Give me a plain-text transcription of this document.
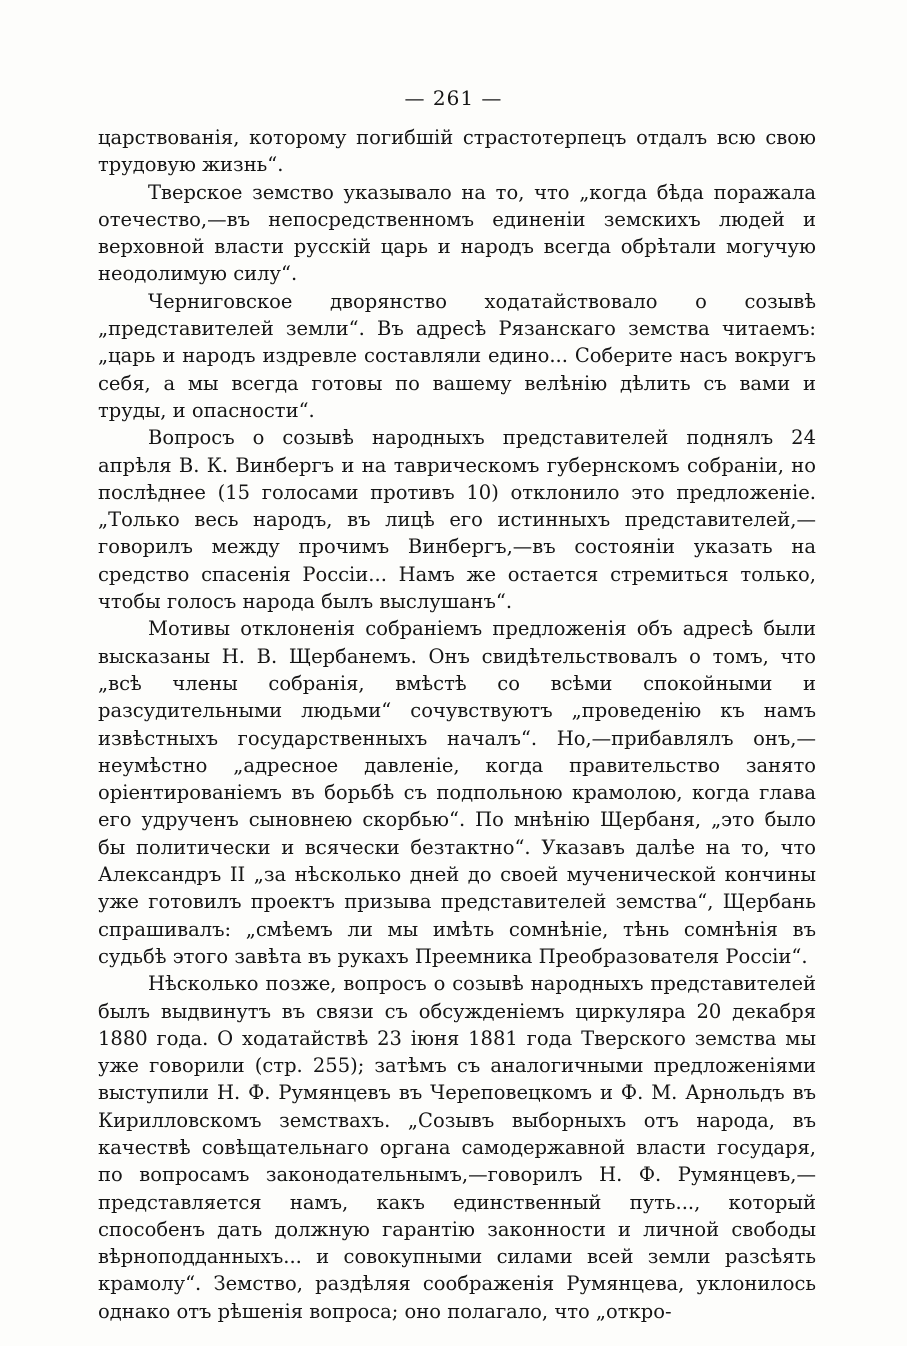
— 261 —

царствованія, которому погибшій страстотерпецъ отдалъ всю свою трудовую жизнь“.

Тверское земство указывало на то, что „когда бѣда поражала отечество,—въ непосредственномъ единеніи земскихъ людей и верховной власти русскій царь и народъ всегда обрѣтали могучую неодолимую силу“.

Черниговское дворянство ходатайствовало о созывѣ „представителей земли“. Въ адресѣ Рязанскаго земства читаемъ: „царь и народъ издревле составляли едино... Соберите насъ вокругъ себя, а мы всегда готовы по вашему велѣнію дѣлить съ вами и труды, и опасности“.

Вопросъ о созывѣ народныхъ представителей поднялъ 24 апрѣля В. К. Винбергъ и на таврическомъ губернскомъ собраніи, но послѣднее (15 голосами противъ 10) отклонило это предложеніе. „Только весь народъ, въ лицѣ его истинныхъ представителей,—говорилъ между прочимъ Винбергъ,—въ состояніи указать на средство спасенія Россіи... Намъ же остается стремиться только, чтобы голосъ народа былъ выслушанъ“.

Мотивы отклоненія собраніемъ предложенія объ адресѣ были высказаны Н. В. Щербанемъ. Онъ свидѣтельствовалъ о томъ, что „всѣ члены собранія, вмѣстѣ со всѣми спокойными и разсудительными людьми“ сочувствуютъ „проведенію къ намъ извѣстныхъ государственныхъ началъ“. Но,—прибавлялъ онъ,—неумѣстно „адресное давленіе, когда правительство занято оріентированіемъ въ борьбѣ съ подпольною крамолою, когда глава его удрученъ сыновнею скорбью“. По мнѣнію Щербаня, „это было бы политически и всячески безтактно“. Указавъ далѣе на то, что Александръ II „за нѣсколько дней до своей мученической кончины уже готовилъ проектъ призыва представителей земства“, Щербань спрашивалъ: „смѣемъ ли мы имѣть сомнѣніе, тѣнь сомнѣнія въ судьбѣ этого завѣта въ рукахъ Преемника Преобразователя Россіи“.

Нѣсколько позже, вопросъ о созывѣ народныхъ представителей былъ выдвинутъ въ связи съ обсужденіемъ циркуляра 20 декабря 1880 года. О ходатайствѣ 23 іюня 1881 года Тверского земства мы уже говорили (стр. 255); затѣмъ съ аналогичными предложеніями выступили Н. Ф. Румянцевъ въ Череповецкомъ и Ф. М. Арнольдъ въ Кирилловскомъ земствахъ. „Созывъ выборныхъ отъ народа, въ качествѣ совѣщательнаго органа самодержавной власти государя, по вопросамъ законодательнымъ,—говорилъ Н. Ф. Румянцевъ,—представляется намъ, какъ единственный путь..., который способенъ дать должную гарантію законности и личной свободы вѣрноподданныхъ... и совокупными силами всей земли разсѣять крамолу“. Земство, раздѣляя соображенія Румянцева, уклонилось однако отъ рѣшенія вопроса; оно полагало, что „откро-
